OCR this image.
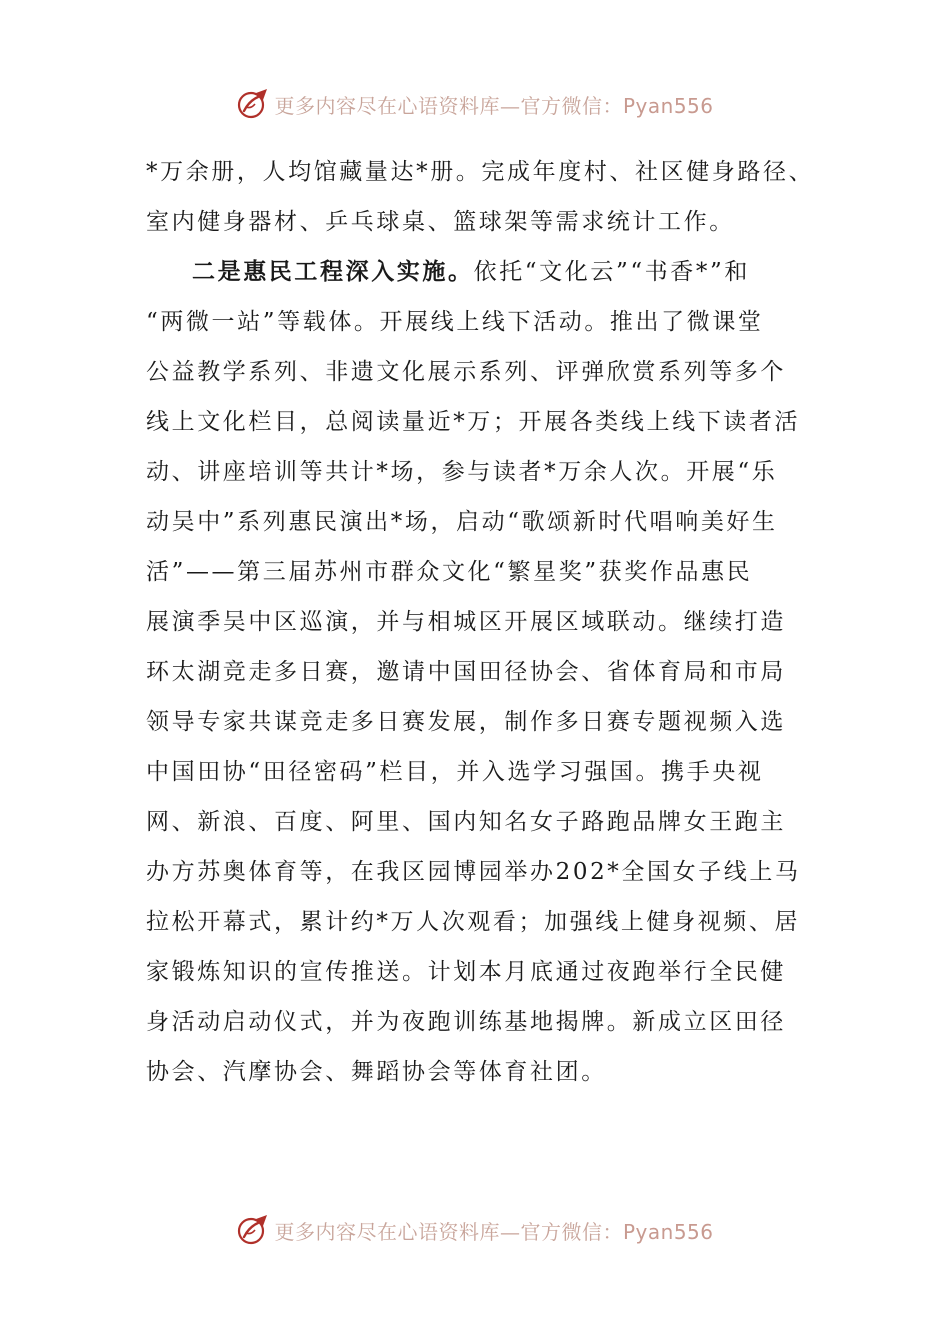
更多内容尽在心语资料库—官方微信：Pyan556
*万余册，人均馆藏量达*册。完成年度村、社区健身路径、
室内健身器材、乒乓球桌、篮球架等需求统计工作。
二是惠民工程深入实施。依托“文化云”“书香*”和
“两微一站”等载体。开展线上线下活动。推出了微课堂
公益教学系列、非遗文化展示系列、评弹欣赏系列等多个
线上文化栏目，总阅读量近*万；开展各类线上线下读者活
动、讲座培训等共计*场，参与读者*万余人次。开展“乐
动吴中”系列惠民演出*场，启动“歌颂新时代唱响美好生
活”——第三届苏州市群众文化“繁星奖”获奖作品惠民
展演季吴中区巡演，并与相城区开展区域联动。继续打造
环太湖竞走多日赛，邀请中国田径协会、省体育局和市局
领导专家共谋竞走多日赛发展，制作多日赛专题视频入选
中国田协“田径密码”栏目，并入选学习强国。携手央视
网、新浪、百度、阿里、国内知名女子路跑品牌女王跑主
办方苏奥体育等，在我区园博园举办202*全国女子线上马
拉松开幕式，累计约*万人次观看；加强线上健身视频、居
家锻炼知识的宣传推送。计划本月底通过夜跑举行全民健
身活动启动仪式，并为夜跑训练基地揭牌。新成立区田径
协会、汽摩协会、舞蹈协会等体育社团。
更多内容尽在心语资料库—官方微信：Pyan556
